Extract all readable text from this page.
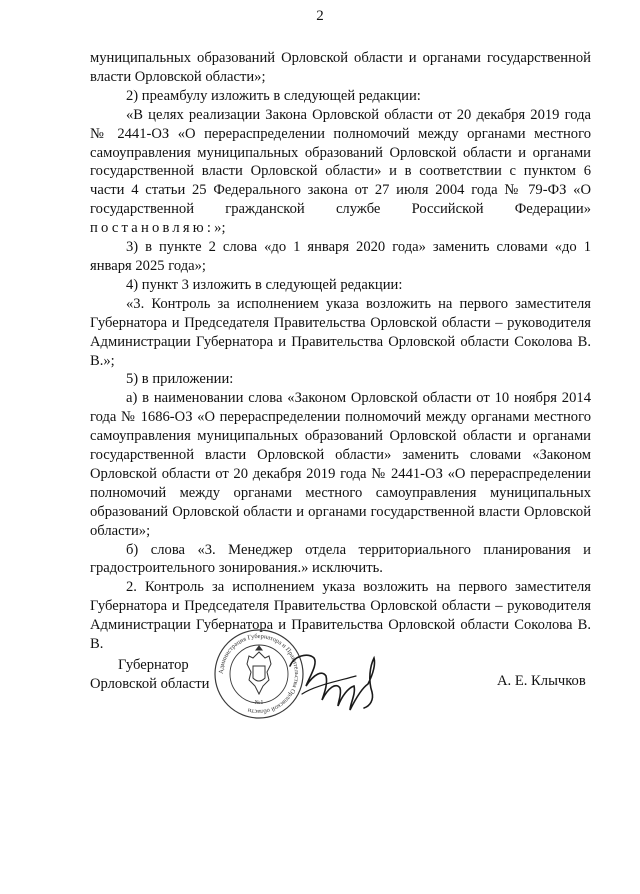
2

муниципальных образований Орловской области и органами государственной власти Орловской области»;

2) преамбулу изложить в следующей редакции:

«В целях реализации Закона Орловской области от 20 декабря 2019 года № 2441-ОЗ «О перераспределении полномочий между органами местного самоуправления муниципальных образований Орловской области и органами государственной власти Орловской области» и в соответствии с пунктом 6 части 4 статьи 25 Федерального закона от 27 июля 2004 года № 79-ФЗ «О государственной гражданской службе Российской Федерации» постановляю:»;

3) в пункте 2 слова «до 1 января 2020 года» заменить словами «до 1 января 2025 года»;

4) пункт 3 изложить в следующей редакции:

«3. Контроль за исполнением указа возложить на первого заместителя Губернатора и Председателя Правительства Орловской области – руководителя Администрации Губернатора и Правительства Орловской области Соколова В. В.»;

5) в приложении:

а) в наименовании слова «Законом Орловской области от 10 ноября 2014 года № 1686-ОЗ «О перераспределении полномочий между органами местного самоуправления муниципальных образований Орловской области и органами государственной власти Орловской области» заменить словами «Законом Орловской области от 20 декабря 2019 года № 2441-ОЗ «О перераспределении полномочий между органами местного самоуправления муниципальных образований Орловской области и органами государственной власти Орловской области»;

б) слова «3. Менеджер отдела территориального планирования и градостроительного зонирования.» исключить.

2. Контроль за исполнением указа возложить на первого заместителя Губернатора и Председателя Правительства Орловской области – руководителя Администрации Губернатора и Правительства Орловской области Соколова В. В.

Губернатор
Орловской области
Администрация Губернатора и Правительства Орловской области
№1
А. Е. Клычков
